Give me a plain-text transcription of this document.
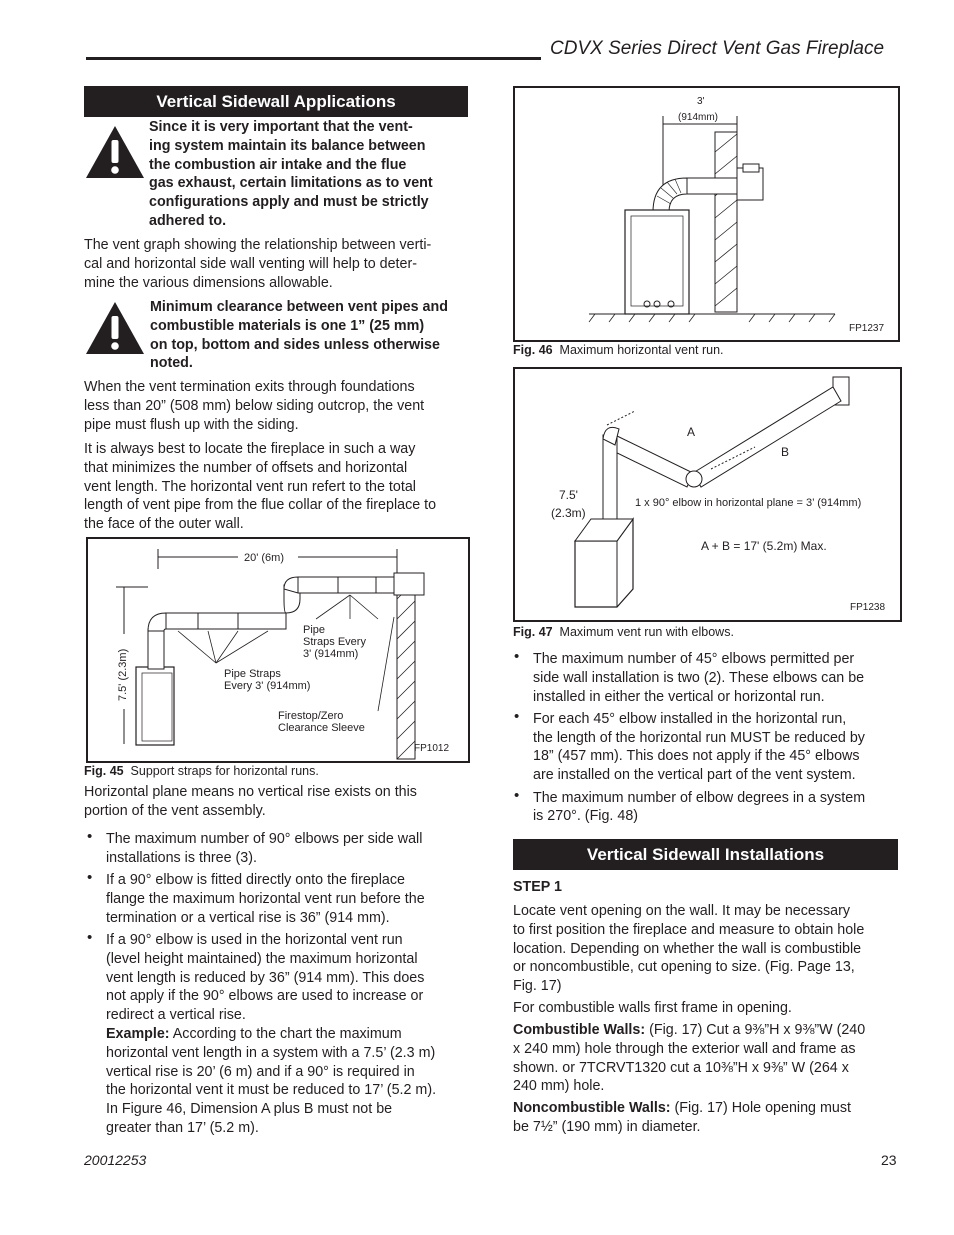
CDVX Series Direct Vent Gas Fireplace
Vertical Sidewall Applications
Since it is very important that the vent-
ing system maintain its balance between
the combustion air intake and the flue
gas exhaust, certain limitations as to vent
configurations apply and must be strictly
adhered to.
The vent graph showing the relationship between verti-
cal and horizontal side wall venting will help to deter-
mine the various dimensions allowable.
Minimum clearance between vent pipes and
combustible materials is one 1” (25 mm)
on top, bottom and sides unless otherwise
noted.
When the vent termination exits through foundations
less than 20” (508 mm) below siding outcrop, the vent
pipe must flush up with the siding.
It is always best to locate the fireplace in such a way
that minimizes the number of offsets and horizontal
vent length. The horizontal vent run refert to the total
length of vent pipe from the flue collar of the fireplace to
the face of the outer wall.
20' (6m)
7.5' (2.3m)
Pipe
Straps Every
3' (914mm)
Pipe Straps
Every 3' (914mm)
Firestop/Zero
Clearance Sleeve
FP1012
Fig. 45 Support straps for horizontal runs.
Horizontal plane means no vertical rise exists on this
portion of the vent assembly.
• The maximum number of 90° elbows per side wall
installations is three (3).
• If a 90° elbow is fitted directly onto the fireplace
flange the maximum horizontal vent run before the
termination or a vertical rise is 36” (914 mm).
• If a 90° elbow is used in the horizontal vent run
(level height maintained) the maximum horizontal
vent length is reduced by 36” (914 mm). This does
not apply if the 90° elbows are used to increase or
redirect a vertical rise.
Example: According to the chart the maximum
horizontal vent length in a system with a 7.5’ (2.3 m)
vertical rise is 20’ (6 m) and if a 90° is required in
the horizontal vent it must be reduced to 17’ (5.2 m).
In Figure 46, Dimension A plus B must not be
greater than 17’ (5.2 m).
3'
(914mm)
FP1237
Fig. 46 Maximum horizontal vent run.
A
B
7.5'
(2.3m)
1 x 90° elbow in horizontal plane = 3’ (914mm)
A + B = 17' (5.2m) Max.
FP1238
Fig. 47 Maximum vent run with elbows.
• The maximum number of 45° elbows permitted per
side wall installation is two (2). These elbows can be
installed in either the vertical or horizontal run.
• For each 45° elbow installed in the horizontal run,
the length of the horizontal run MUST be reduced by
18” (457 mm). This does not apply if the 45° elbows
are installed on the vertical part of the vent system.
• The maximum number of elbow degrees in a system
is 270°. (Fig. 48)
Vertical Sidewall Installations
STEP 1
Locate vent opening on the wall. It may be necessary
to first position the fireplace and measure to obtain hole
location. Depending on whether the wall is combustible
or noncombustible, cut opening to size. (Fig. Page 13,
Fig. 17)
For combustible walls first frame in opening.
Combustible Walls: (Fig. 17) Cut a 9⅜”H x 9⅜”W (240
x 240 mm) hole through the exterior wall and frame as
shown. or 7TCRVT1320 cut a 10⅜”H x 9⅜” W (264 x
240 mm) hole.
Noncombustible Walls: (Fig. 17) Hole opening must
be 7½” (190 mm) in diameter.
20012253	23
